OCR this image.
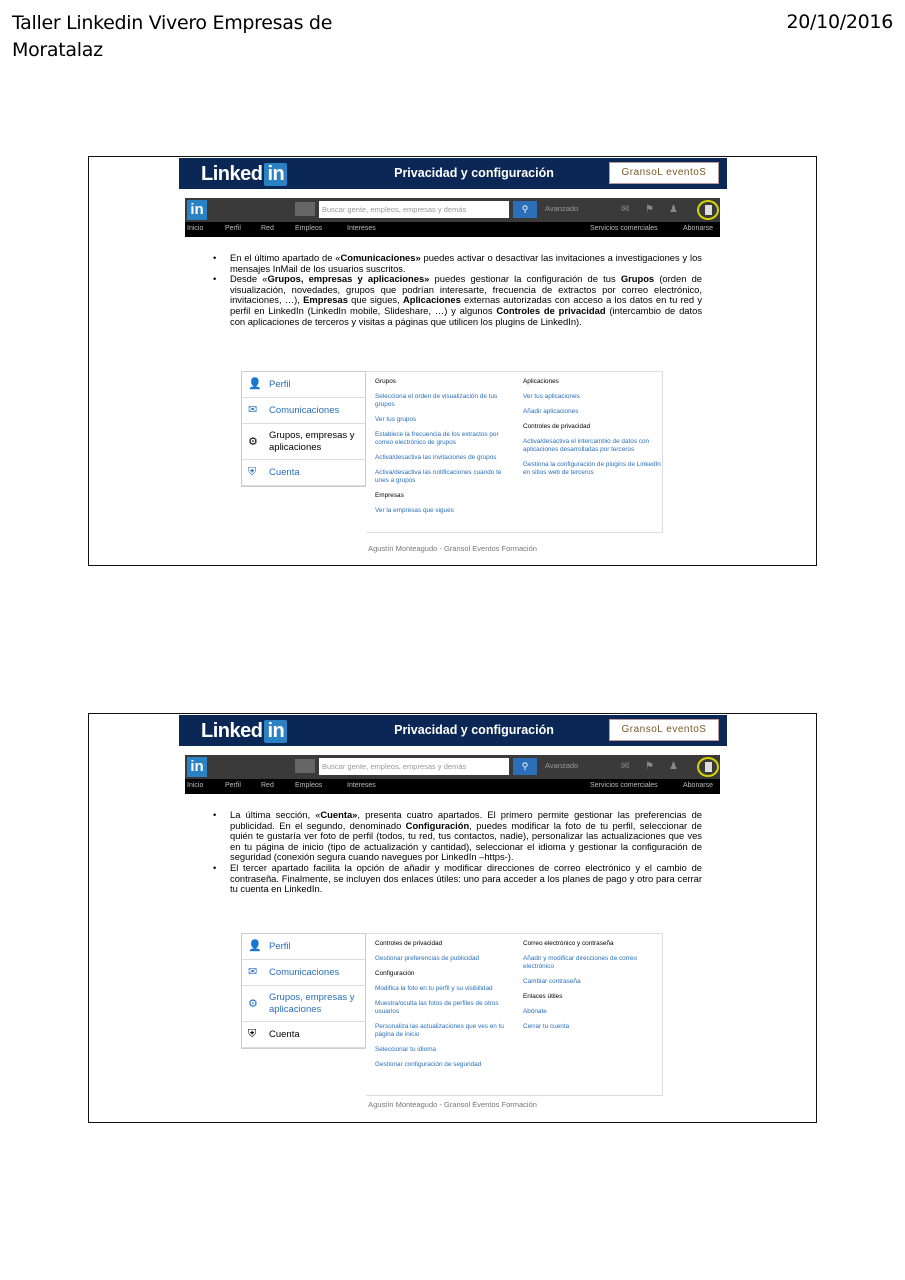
Taller Linkedin Vivero Empresas de Moratalaz
20/10/2016
Linked in	Privacidad y configuración	GransoL eventoS
in	Buscar gente, empleos, empresas y demás	⚲	Avanzado	✉ ⚑ ♟
Inicio	Perfil	Red	Empleos	Intereses	Servicios comerciales	Abonarse
• En el último apartado de «Comunicaciones» puedes activar o desactivar las invitaciones a investigaciones y los mensajes InMail de los usuarios suscritos.
• Desde «Grupos, empresas y aplicaciones» puedes gestionar la configuración de tus Grupos (orden de visualización, novedades, grupos que podrían interesarte, frecuencia de extractos por correo electrónico, invitaciones, …), Empresas que sigues, Aplicaciones externas autorizadas con acceso a los datos en tu red y perfil en LinkedIn (LinkedIn mobile, Slideshare, …) y algunos Controles de privacidad (intercambio de datos con aplicaciones de terceros y visitas a páginas que utilicen los plugins de LinkedIn).
👤 Perfil
✉	Comunicaciones
⚙
Grupos, empresas y aplicaciones
⛨	Cuenta
Grupos
Selecciona el orden de visualización de tus grupos
Ver tus grupos
Establece la frecuencia de los extractos por correo electrónico de grupos
Activa/desactiva las invitaciones de grupos
Activa/desactiva las notificaciones cuando te unes a grupos
Empresas
Ver la empresas que sigues
Aplicaciones
Ver tus aplicaciones
Añadir aplicaciones
Controles de privacidad
Activa/desactiva el intercambio de datos con aplicaciones desarrolladas por terceros
Gestiona la configuración de plugins de LinkedIn en sitios web de terceros
Agustín Monteagudo - Gransol Eventos Formación
Linked in	Privacidad y configuración	GransoL eventoS
in	Buscar gente, empleos, empresas y demás	⚲	Avanzado	✉ ⚑ ♟
Inicio	Perfil	Red	Empleos	Intereses	Servicios comerciales	Abonarse
• La última sección, «Cuenta», presenta cuatro apartados. El primero permite gestionar las preferencias de publicidad. En el segundo, denominado Configuración, puedes modificar la foto de tu perfil, seleccionar de quién te gustaría ver foto de perfil (todos, tu red, tus contactos, nadie), personalizar las actualizaciones que ves en tu página de inicio (tipo de actualización y cantidad), seleccionar el idioma y gestionar la configuración de seguridad (conexión segura cuando navegues por LinkedIn –https-).
• El tercer apartado facilita la opción de añadir y modificar direcciones de correo electrónico y el cambio de contraseña. Finalmente, se incluyen dos enlaces útiles: uno para acceder a los planes de pago y otro para cerrar tu cuenta en LinkedIn.
👤 Perfil
✉	Comunicaciones
⚙
Grupos, empresas y aplicaciones
⛨	Cuenta
Controles de privacidad
Gestionar preferencias de publicidad
Configuración
Modifica la foto en tu perfil y su visibilidad
Muestra/oculta las fotos de perfiles de otros usuarios
Personaliza las actualizaciones que ves en tu página de inicio
Seleccionar tu idioma
Gestionar configuración de seguridad
Correo electrónico y contraseña
Añadir y modificar direcciones de correo electrónico
Cambiar contraseña
Enlaces útiles
Abónate
Cerrar tu cuenta
Agustín Monteagudo - Gransol Eventos Formación
